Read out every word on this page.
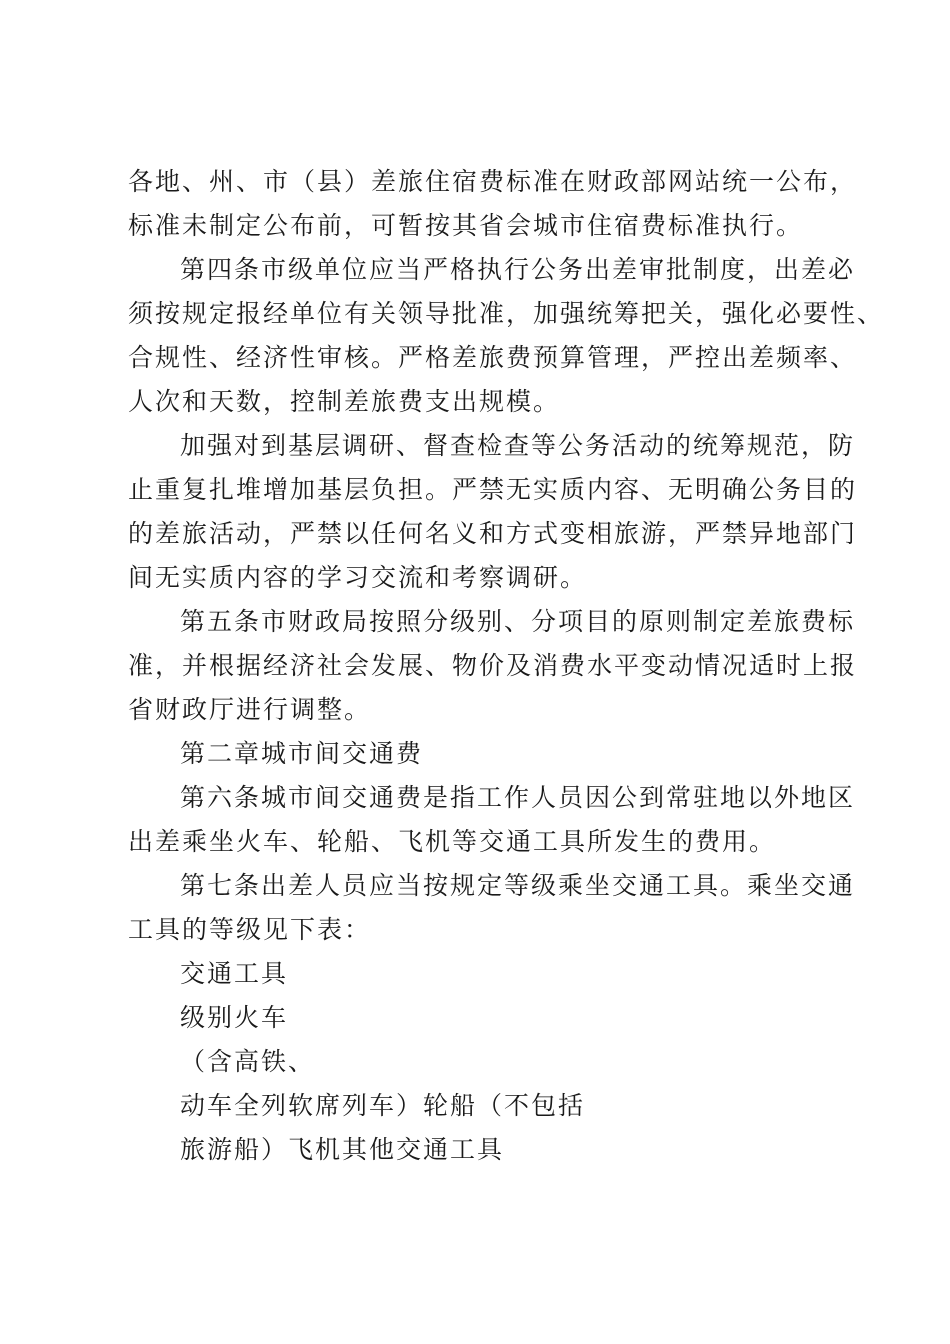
各地、州、市（县）差旅住宿费标准在财政部网站统一公布，
标准未制定公布前，可暂按其省会城市住宿费标准执行。
第四条市级单位应当严格执行公务出差审批制度，出差必
须按规定报经单位有关领导批准，加强统筹把关，强化必要性、
合规性、经济性审核。严格差旅费预算管理，严控出差频率、
人次和天数，控制差旅费支出规模。
加强对到基层调研、督查检查等公务活动的统筹规范，防
止重复扎堆增加基层负担。严禁无实质内容、无明确公务目的
的差旅活动，严禁以任何名义和方式变相旅游，严禁异地部门
间无实质内容的学习交流和考察调研。
第五条市财政局按照分级别、分项目的原则制定差旅费标
准，并根据经济社会发展、物价及消费水平变动情况适时上报
省财政厅进行调整。
第二章城市间交通费
第六条城市间交通费是指工作人员因公到常驻地以外地区
出差乘坐火车、轮船、飞机等交通工具所发生的费用。
第七条出差人员应当按规定等级乘坐交通工具。乘坐交通
工具的等级见下表：
交通工具
级别火车
（含高铁、
动车全列软席列车）轮船（不包括
旅游船）飞机其他交通工具
